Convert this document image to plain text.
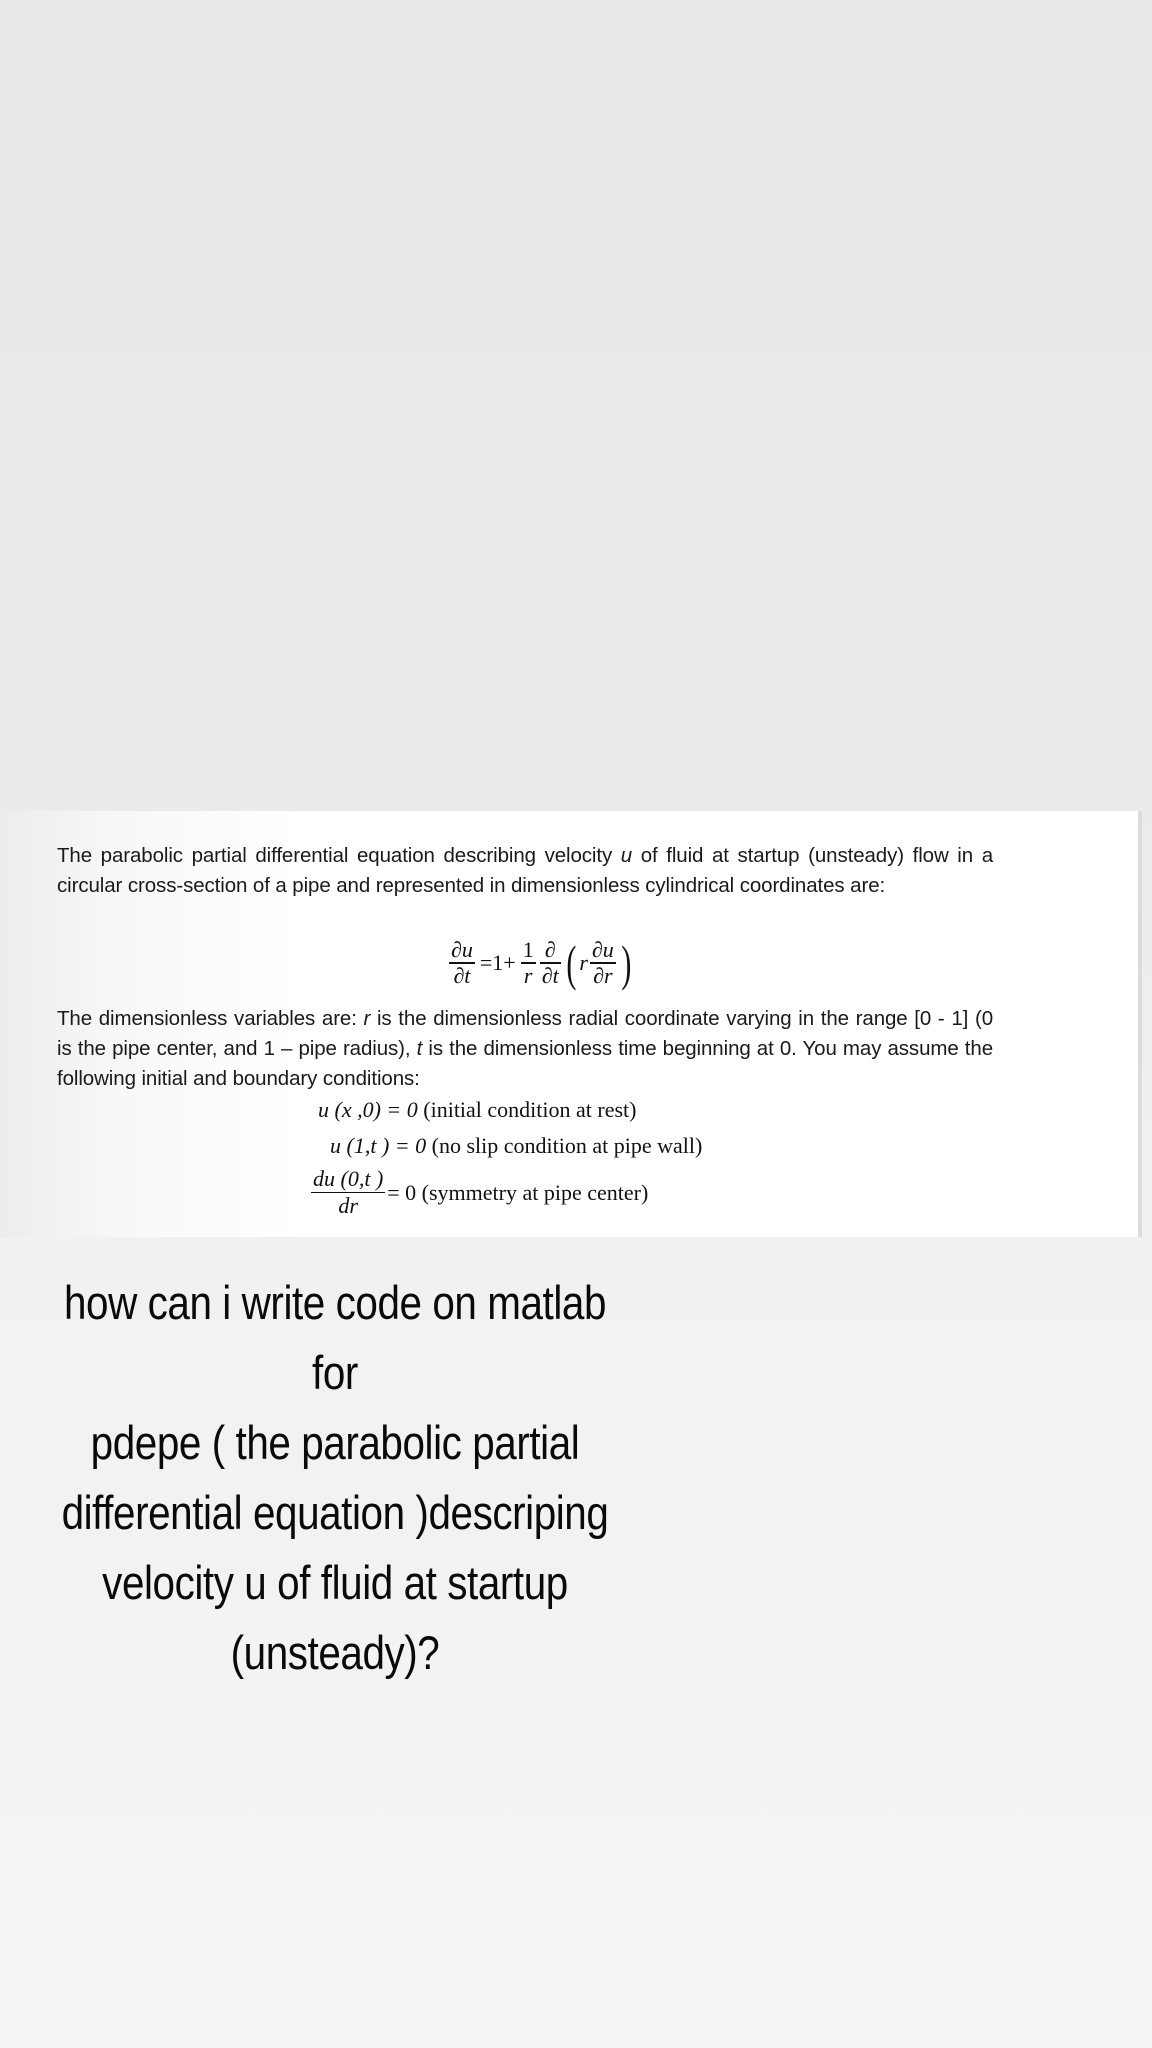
The parabolic partial differential equation describing velocity u of fluid at startup (unsteady) flow in a circular cross-section of a pipe and represented in dimensionless cylindrical coordinates are:
$\frac{\partial u}{\partial t} =1+ \frac{1}{r} \frac{\partial}{\partial t}$ ( r $\frac{\partial u}{\partial r}$ )
The dimensionless variables are: r is the dimensionless radial coordinate varying in the range [0 - 1] (0 is the pipe center, and 1 – pipe radius), t is the dimensionless time beginning at 0. You may assume the following initial and boundary conditions:
u (x ,0) = 0 (initial condition at rest)
u (1,t ) = 0 (no slip condition at pipe wall)
$\frac{du (0,t )}{dr} = 0$ (symmetry at pipe center)
how can i write code on matlab for
pdepe ( the parabolic partial
differential equation )descriping
velocity u of fluid at startup
(unsteady)?
